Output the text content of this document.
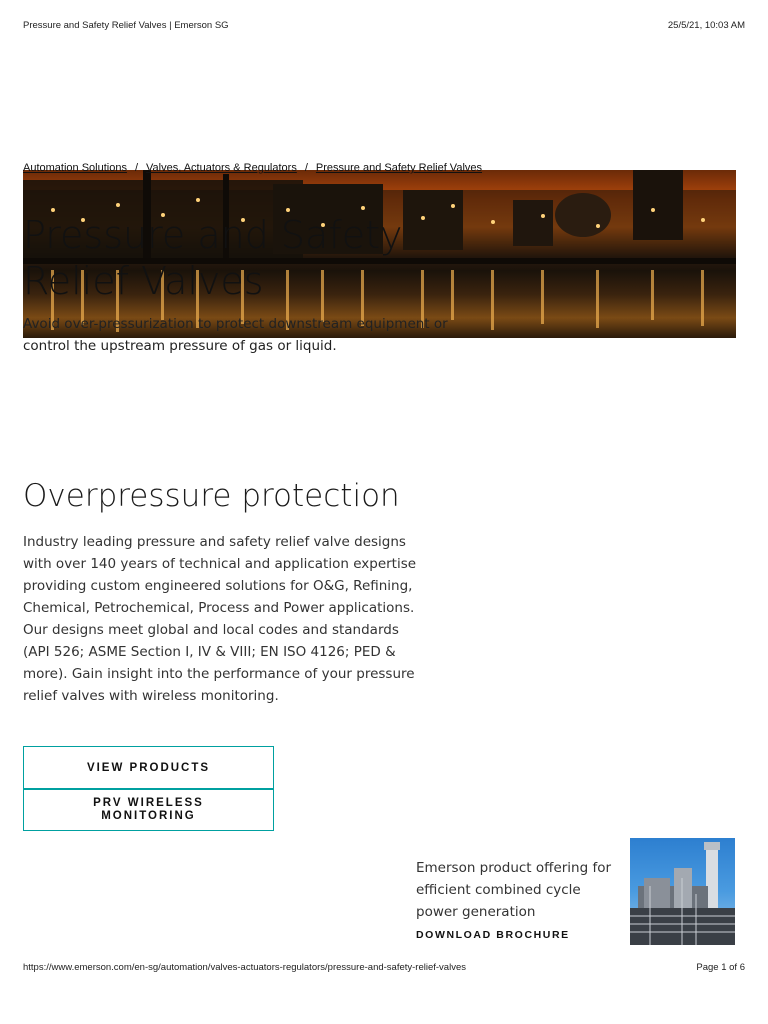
Pressure and Safety Relief Valves | Emerson SG	25/5/21, 10:03 AM
Automation Solutions / Valves, Actuators & Regulators / Pressure and Safety Relief Valves
Pressure and Safety Relief Valves

Avoid over-pressurization to protect downstream equipment or control the upstream pressure of gas or liquid.

Overpressure protection

Industry leading pressure and safety relief valve designs with over 140 years of technical and application expertise providing custom engineered solutions for O&G, Refining, Chemical, Petrochemical, Process and Power applications. Our designs meet global and local codes and standards (API 526; ASME Section I, IV & VIII; EN ISO 4126; PED & more). Gain insight into the performance of your pressure relief valves with wireless monitoring.

VIEW PRODUCTS
PRV WIRELESS MONITORING

Emerson product offering for efficient combined cycle power generation

DOWNLOAD BROCHURE
https://www.emerson.com/en-sg/automation/valves-actuators-regulators/pressure-and-safety-relief-valves	Page 1 of 6
